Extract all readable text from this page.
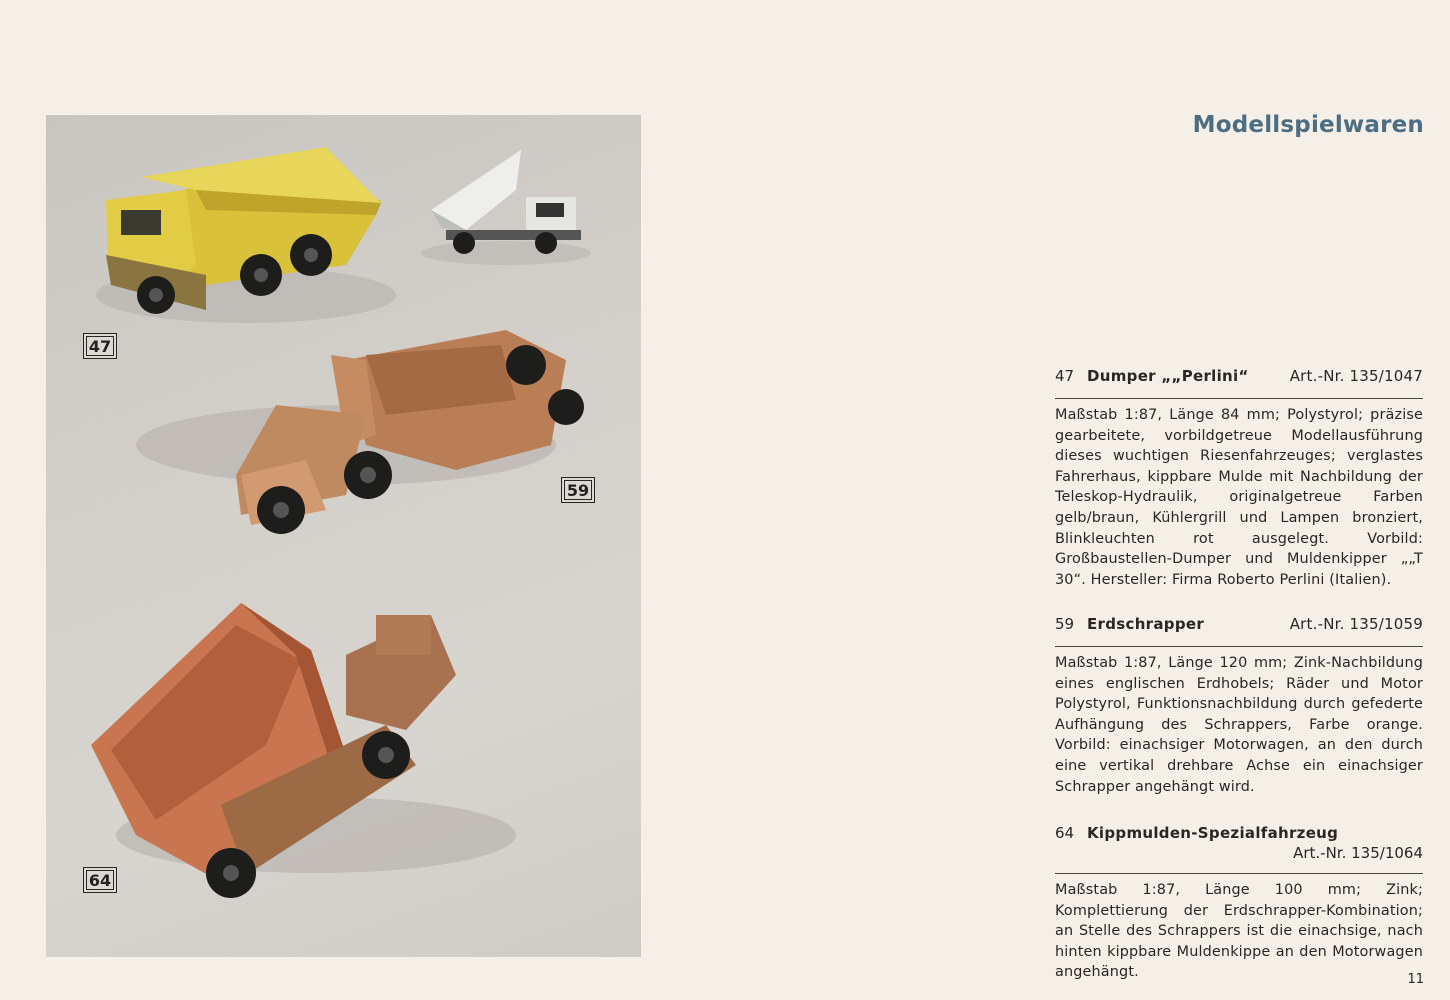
47
59
64
Modellspielwaren
47 Dumper „„Perlini“	Art.-Nr. 135/1047
Maßstab 1:87, Länge 84 mm; Polystyrol; präzise gearbeitete, vorbildgetreue Modellausführung dieses wuchtigen Riesenfahrzeuges; verglastes Fahrerhaus, kippbare Mulde mit Nachbildung der Teleskop-Hydraulik, originalgetreue Farben gelb/braun, Kühlergrill und Lampen bronziert, Blinkleuchten rot ausgelegt. Vorbild: Großbaustellen-Dumper und Muldenkipper „„T 30“. Hersteller: Firma Roberto Perlini (Italien).
59 Erdschrapper	Art.-Nr. 135/1059
Maßstab 1:87, Länge 120 mm; Zink-Nachbildung eines englischen Erdhobels; Räder und Motor Polystyrol, Funktionsnachbildung durch gefederte Aufhängung des Schrappers, Farbe orange. Vorbild: einachsiger Motorwagen, an den durch eine vertikal drehbare Achse ein einachsiger Schrapper angehängt wird.
64 Kippmulden-Spezialfahrzeug
Art.-Nr. 135/1064
Maßstab 1:87, Länge 100 mm; Zink; Komplettierung der Erdschrapper-Kombination; an Stelle des Schrappers ist die einachsige, nach hinten kippbare Muldenkippe an den Motorwagen angehängt.	11
